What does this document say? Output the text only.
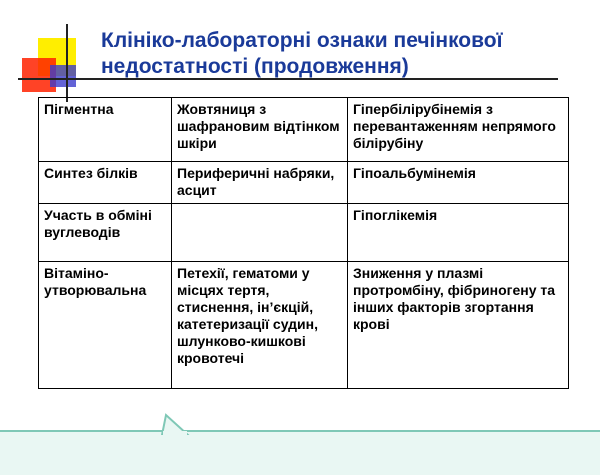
Клініко-лабораторні ознаки печінкової
недостатності (продовження)
Пігментна	Жовтяниця з шафрановим відтінком шкіри	Гіпербілірубінемія з перевантаженням непрямого білірубіну
Синтез білків	Периферичні набряки, асцит	Гіпоальбумінемія
Участь в обміні вуглеводів		Гіпоглікемія
Вітаміно-утворювальна	Петехії, гематоми у місцях тертя, стиснення, ін’єкцій, катетеризації судин, шлунково-кишкові кровотечі	Зниження у плазмі протромбіну, фібриногену та інших факторів згортання крові
